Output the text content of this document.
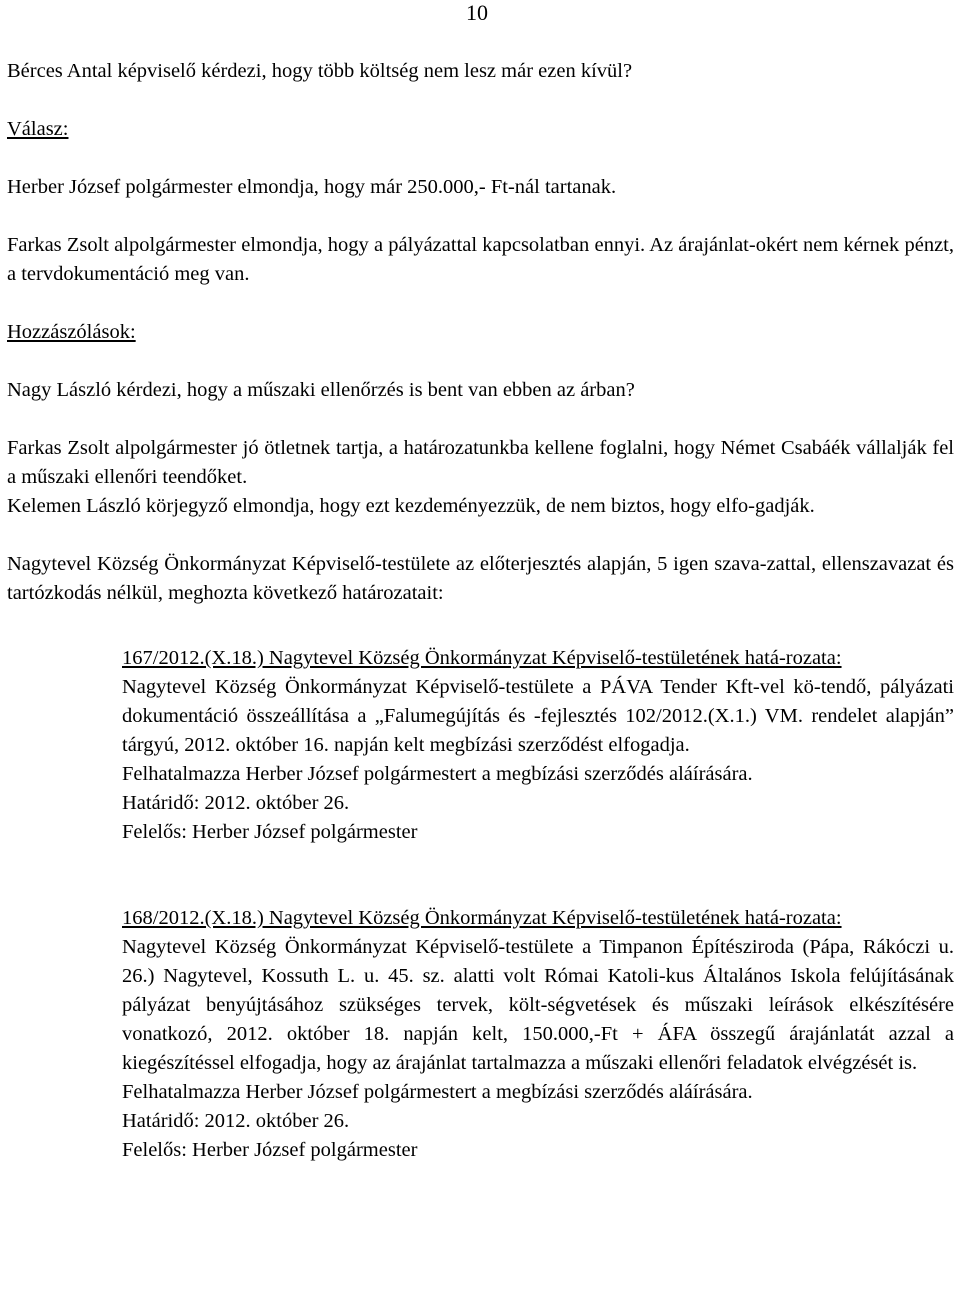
10

Bérces Antal képviselő kérdezi, hogy több költség nem lesz már ezen kívül?

Válasz:

Herber József polgármester elmondja, hogy már 250.000,- Ft-nál tartanak.

Farkas Zsolt alpolgármester elmondja, hogy a pályázattal kapcsolatban ennyi. Az árajánlat-okért nem kérnek pénzt, a tervdokumentáció meg van.

Hozzászólások:

Nagy László kérdezi, hogy a műszaki ellenőrzés is bent van ebben az árban?

Farkas Zsolt alpolgármester jó ötletnek tartja, a határozatunkba kellene foglalni, hogy Német Csabáék vállalják fel a műszaki ellenőri teendőket.

Kelemen László körjegyző elmondja, hogy ezt kezdeményezzük, de nem biztos, hogy elfo-gadják.

Nagytevel Község Önkormányzat Képviselő-testülete az előterjesztés alapján, 5 igen szava-zattal, ellenszavazat és tartózkodás nélkül, meghozta következő határozatait:

167/2012.(X.18.) Nagytevel Község Önkormányzat Képviselő-testületének hatá-rozata:

Nagytevel Község Önkormányzat Képviselő-testülete a PÁVA Tender Kft-vel kö-tendő, pályázati dokumentáció összeállítása a „Falumegújítás és -fejlesztés 102/2012.(X.1.) VM. rendelet alapján” tárgyú, 2012. október 16. napján kelt megbízási szerződést elfogadja.

Felhatalmazza Herber József polgármestert a megbízási szerződés aláírására.

Határidő: 2012. október 26.

Felelős: Herber József polgármester

168/2012.(X.18.) Nagytevel Község Önkormányzat Képviselő-testületének hatá-rozata:

Nagytevel Község Önkormányzat Képviselő-testülete a Timpanon Építésziroda (Pápa, Rákóczi u. 26.) Nagytevel, Kossuth L. u. 45. sz. alatti volt Római Katoli-kus Általános Iskola felújításának pályázat benyújtásához szükséges tervek, költ-ségvetések és műszaki leírások elkészítésére vonatkozó, 2012. október 18. napján kelt, 150.000,-Ft + ÁFA összegű árajánlatát azzal a kiegészítéssel elfogadja, hogy az árajánlat tartalmazza a műszaki ellenőri feladatok elvégzését is.

Felhatalmazza Herber József polgármestert a megbízási szerződés aláírására.

Határidő: 2012. október 26.

Felelős: Herber József polgármester
